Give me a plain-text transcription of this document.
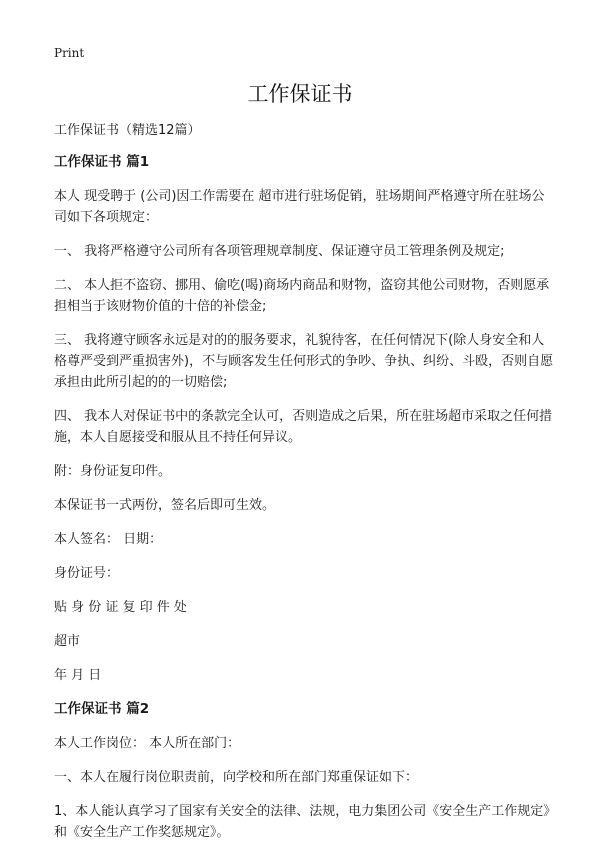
Print
工作保证书

工作保证书（精选12篇）

工作保证书 篇1

本人 现受聘于 (公司)因工作需要在 超市进行驻场促销，驻场期间严格遵守所在驻场公司如下各项规定：

一、 我将严格遵守公司所有各项管理规章制度、保证遵守员工管理条例及规定;

二、 本人拒不盗窃、挪用、偷吃(喝)商场内商品和财物，盗窃其他公司财物，否则愿承担相当于该财物价值的十倍的补偿金;

三、 我将遵守顾客永远是对的的服务要求，礼貌待客，在任何情况下(除人身安全和人格尊严受到严重损害外)，不与顾客发生任何形式的争吵、争执、纠纷、斗殴，否则自愿承担由此所引起的的一切赔偿;

四、 我本人对保证书中的条款完全认可，否则造成之后果，所在驻场超市采取之任何措施，本人自愿接受和服从且不持任何异议。

附：身份证复印件。

本保证书一式两份，签名后即可生效。

本人签名： 日期：

身份证号：

贴 身 份 证 复 印 件 处

超市

年 月 日

工作保证书 篇2

本人工作岗位： 本人所在部门：

一、本人在履行岗位职责前，向学校和所在部门郑重保证如下：

1、本人能认真学习了国家有关安全的法律、法规，电力集团公司《安全生产工作规定》和《安全生产工作奖惩规定》。
